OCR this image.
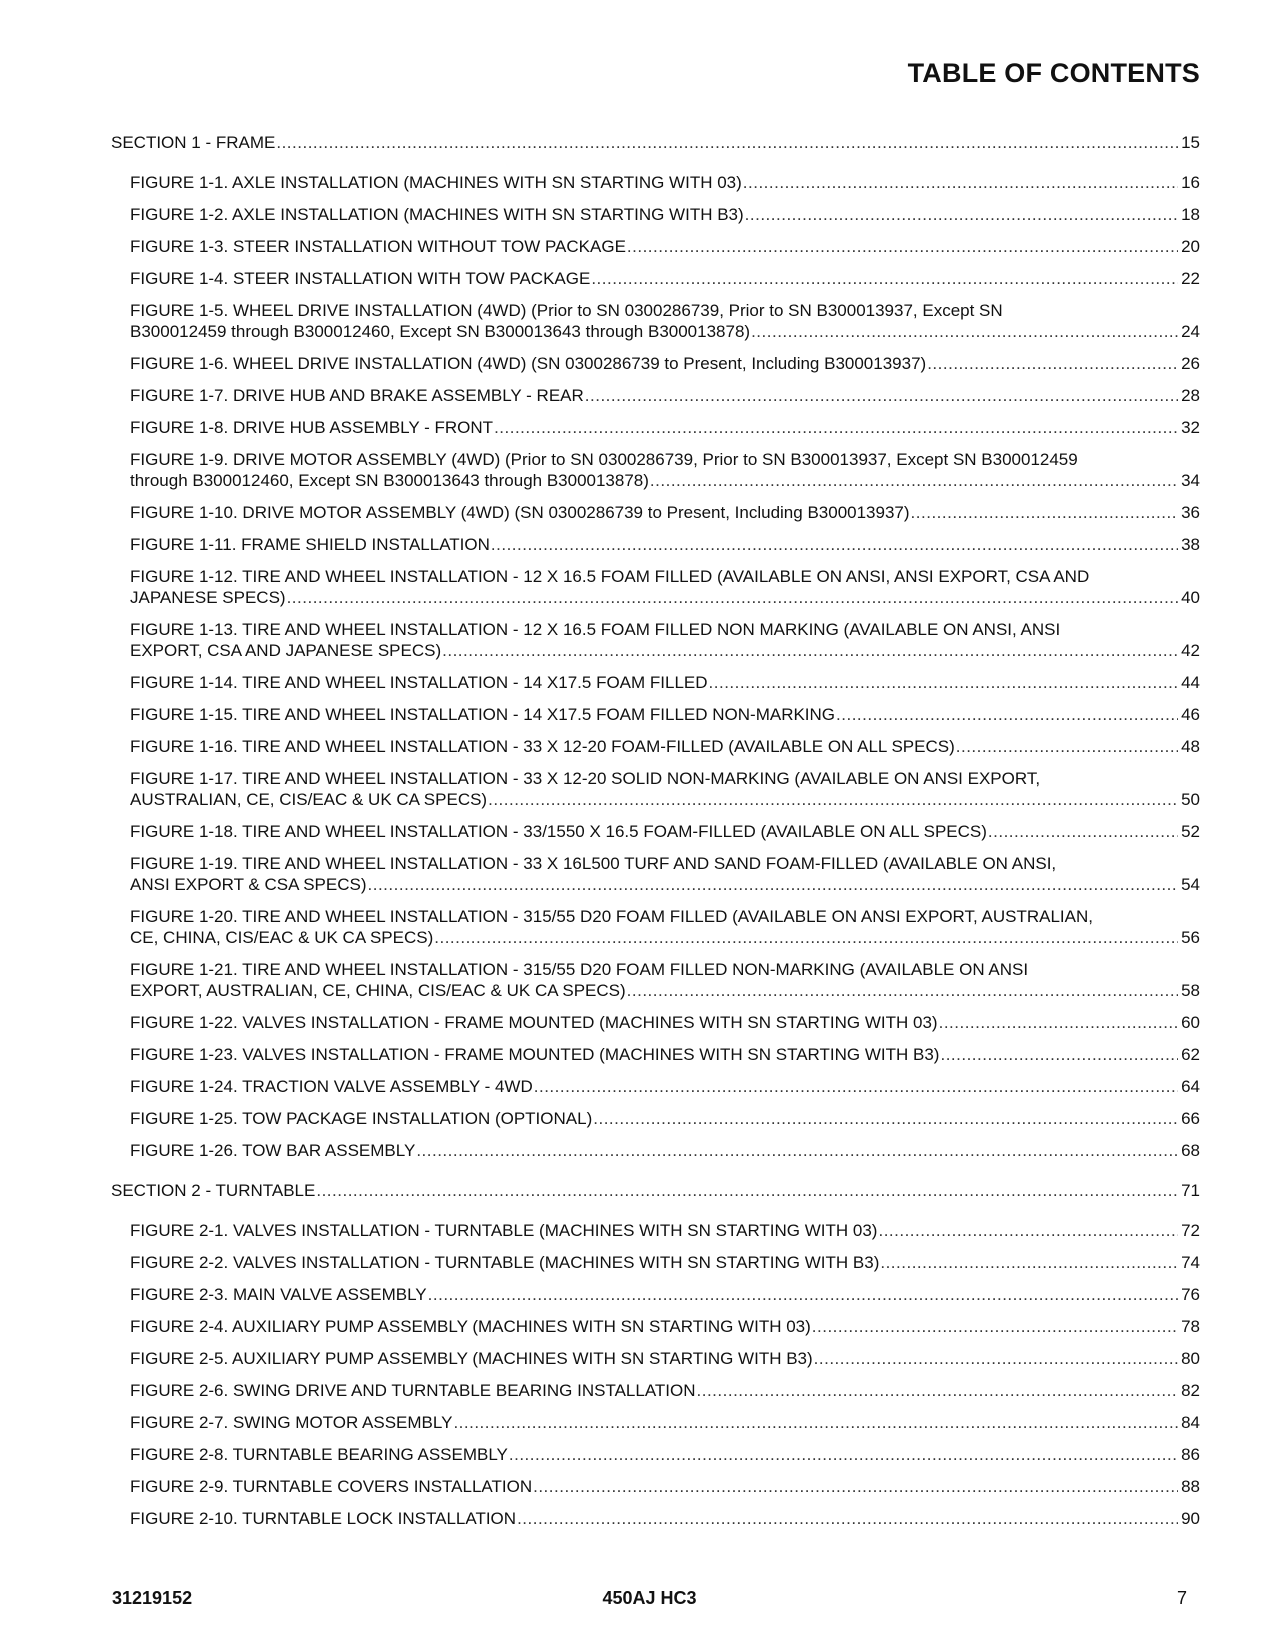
TABLE OF CONTENTS
SECTION 1 - FRAME .....	15
FIGURE 1-1. AXLE INSTALLATION (MACHINES WITH SN STARTING WITH 03) .....	16
FIGURE 1-2. AXLE INSTALLATION (MACHINES WITH SN STARTING WITH B3) .....	18
FIGURE 1-3. STEER INSTALLATION WITHOUT TOW PACKAGE .....	20
FIGURE 1-4. STEER INSTALLATION WITH TOW PACKAGE .....	22
FIGURE 1-5. WHEEL DRIVE INSTALLATION (4WD) (Prior to SN 0300286739, Prior to SN B300013937, Except SN
B300012459 through B300012460, Except SN B300013643 through B300013878) .....	24
FIGURE 1-6. WHEEL DRIVE INSTALLATION (4WD) (SN 0300286739 to Present, Including B300013937) .....	26
FIGURE 1-7. DRIVE HUB AND BRAKE ASSEMBLY - REAR .....	28
FIGURE 1-8. DRIVE HUB ASSEMBLY - FRONT .....	32
FIGURE 1-9. DRIVE MOTOR ASSEMBLY (4WD) (Prior to SN 0300286739, Prior to SN B300013937, Except SN B300012459
through B300012460, Except SN B300013643 through B300013878) .....	34
FIGURE 1-10. DRIVE MOTOR ASSEMBLY (4WD) (SN 0300286739 to Present, Including B300013937) .....	36
FIGURE 1-11. FRAME SHIELD INSTALLATION .....	38
FIGURE 1-12. TIRE AND WHEEL INSTALLATION - 12 X 16.5 FOAM FILLED (AVAILABLE ON ANSI, ANSI EXPORT, CSA AND
JAPANESE SPECS) .....	40
FIGURE 1-13. TIRE AND WHEEL INSTALLATION - 12 X 16.5 FOAM FILLED NON MARKING (AVAILABLE ON ANSI, ANSI
EXPORT, CSA AND JAPANESE SPECS) .....	42
FIGURE 1-14. TIRE AND WHEEL INSTALLATION - 14 X17.5 FOAM FILLED .....	44
FIGURE 1-15. TIRE AND WHEEL INSTALLATION - 14 X17.5 FOAM FILLED NON-MARKING .....	46
FIGURE 1-16. TIRE AND WHEEL INSTALLATION - 33 X 12-20 FOAM-FILLED (AVAILABLE ON ALL SPECS) .....	48
FIGURE 1-17. TIRE AND WHEEL INSTALLATION - 33 X 12-20 SOLID NON-MARKING (AVAILABLE ON ANSI EXPORT,
AUSTRALIAN, CE, CIS/EAC & UK CA SPECS) .....	50
FIGURE 1-18. TIRE AND WHEEL INSTALLATION - 33/1550 X 16.5 FOAM-FILLED (AVAILABLE ON ALL SPECS) .....	52
FIGURE 1-19. TIRE AND WHEEL INSTALLATION - 33 X 16L500 TURF AND SAND FOAM-FILLED (AVAILABLE ON ANSI,
ANSI EXPORT & CSA SPECS) .....	54
FIGURE 1-20. TIRE AND WHEEL INSTALLATION - 315/55 D20 FOAM FILLED (AVAILABLE ON ANSI EXPORT, AUSTRALIAN,
CE, CHINA, CIS/EAC & UK CA SPECS) .....	56
FIGURE 1-21. TIRE AND WHEEL INSTALLATION - 315/55 D20 FOAM FILLED NON-MARKING (AVAILABLE ON ANSI
EXPORT, AUSTRALIAN, CE, CHINA, CIS/EAC & UK CA SPECS) .....	58
FIGURE 1-22. VALVES INSTALLATION - FRAME MOUNTED (MACHINES WITH SN STARTING WITH 03) .....	60
FIGURE 1-23. VALVES INSTALLATION - FRAME MOUNTED (MACHINES WITH SN STARTING WITH B3) .....	62
FIGURE 1-24. TRACTION VALVE ASSEMBLY - 4WD .....	64
FIGURE 1-25. TOW PACKAGE INSTALLATION (OPTIONAL) .....	66
FIGURE 1-26. TOW BAR ASSEMBLY .....	68
SECTION 2 - TURNTABLE .....	71
FIGURE 2-1. VALVES INSTALLATION - TURNTABLE (MACHINES WITH SN STARTING WITH 03) .....	72
FIGURE 2-2. VALVES INSTALLATION - TURNTABLE (MACHINES WITH SN STARTING WITH B3) .....	74
FIGURE 2-3. MAIN VALVE ASSEMBLY .....	76
FIGURE 2-4. AUXILIARY PUMP ASSEMBLY (MACHINES WITH SN STARTING WITH 03) .....	78
FIGURE 2-5. AUXILIARY PUMP ASSEMBLY (MACHINES WITH SN STARTING WITH B3) .....	80
FIGURE 2-6. SWING DRIVE AND TURNTABLE BEARING INSTALLATION .....	82
FIGURE 2-7. SWING MOTOR ASSEMBLY .....	84
FIGURE 2-8. TURNTABLE BEARING ASSEMBLY .....	86
FIGURE 2-9. TURNTABLE COVERS INSTALLATION .....	88
FIGURE 2-10. TURNTABLE LOCK INSTALLATION .....	90
31219152	450AJ HC3	7
